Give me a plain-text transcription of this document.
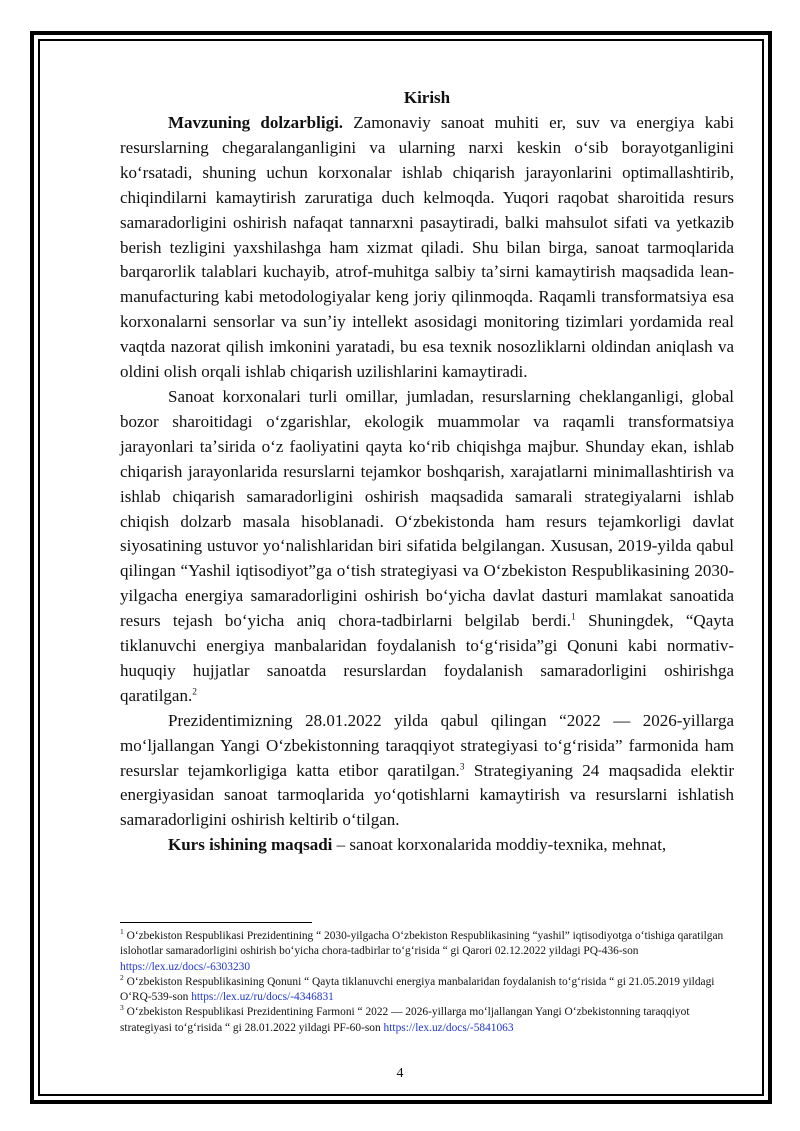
Kirish

Mavzuning dolzarbligi. Zamonaviy sanoat muhiti er, suv va energiya kabi resurslarning chegaralanganligini va ularning narxi keskin oʻsib borayotganligini koʻrsatadi, shuning uchun korxonalar ishlab chiqarish jarayonlarini optimallashtirib, chiqindilarni kamaytirish zaruratiga duch kelmoqda. Yuqori raqobat sharoitida resurs samaradorligini oshirish nafaqat tannarxni pasaytiradi, balki mahsulot sifati va yetkazib berish tezligini yaxshilashga ham xizmat qiladi. Shu bilan birga, sanoat tarmoqlarida barqarorlik talablari kuchayib, atrof-muhitga salbiy taʼsirni kamaytirish maqsadida lean-manufacturing kabi metodologiyalar keng joriy qilinmoqda. Raqamli transformatsiya esa korxonalarni sensorlar va sunʼiy intellekt asosidagi monitoring tizimlari yordamida real vaqtda nazorat qilish imkonini yaratadi, bu esa texnik nosozliklarni oldindan aniqlash va oldini olish orqali ishlab chiqarish uzilishlarini kamaytiradi.

Sanoat korxonalari turli omillar, jumladan, resurslarning cheklanganligi, global bozor sharoitidagi oʻzgarishlar, ekologik muammolar va raqamli transformatsiya jarayonlari taʼsirida oʻz faoliyatini qayta koʻrib chiqishga majbur. Shunday ekan, ishlab chiqarish jarayonlarida resurslarni tejamkor boshqarish, xarajatlarni minimallashtirish va ishlab chiqarish samaradorligini oshirish maqsadida samarali strategiyalarni ishlab chiqish dolzarb masala hisoblanadi. Oʻzbekistonda ham resurs tejamkorligi davlat siyosatining ustuvor yoʻnalishlaridan biri sifatida belgilangan. Xususan, 2019-yilda qabul qilingan “Yashil iqtisodiyot”ga oʻtish strategiyasi va Oʻzbekiston Respublikasining 2030-yilgacha energiya samaradorligini oshirish boʻyicha davlat dasturi mamlakat sanoatida resurs tejash boʻyicha aniq chora-tadbirlarni belgilab berdi.$^1$ Shuningdek, “Qayta tiklanuvchi energiya manbalaridan foydalanish toʻgʻrisida”gi Qonuni kabi normativ-huquqiy hujjatlar sanoatda resurslardan foydalanish samaradorligini oshirishga qaratilgan.$^2$

Prezidentimizning 28.01.2022 yilda qabul qilingan “2022 — 2026-yillarga moʻljallangan Yangi Oʻzbekistonning taraqqiyot strategiyasi toʻgʻrisida” farmonida ham resurslar tejamkorligiga katta etibor qaratilgan.$^3$ Strategiyaning 24 maqsadida elektir energiyasidan sanoat tarmoqlarida yoʻqotishlarni kamaytirish va resurslarni ishlatish samaradorligini oshirish keltirib oʻtilgan.

Kurs ishining maqsadi – sanoat korxonalarida moddiy-texnika, mehnat,

$^1$ Oʻzbekiston Respublikasi Prezidentining “ 2030-yilgacha Oʻzbekiston Respublikasining “yashil” iqtisodiyotga oʻtishiga qaratilgan islohotlar samaradorligini oshirish boʻyicha chora-tadbirlar toʻgʻrisida “ gi Qarori 02.12.2022 yildagi PQ-436-son https://lex.uz/docs/-6303230

$^2$ Oʻzbekiston Respublikasining Qonuni “ Qayta tiklanuvchi energiya manbalaridan foydalanish toʻgʻrisida “ gi 21.05.2019 yildagi OʻRQ-539-son https://lex.uz/ru/docs/-4346831

$^3$ Oʻzbekiston Respublikasi Prezidentining Farmoni “ 2022 — 2026-yillarga moʻljallangan Yangi Oʻzbekistonning taraqqiyot strategiyasi toʻgʻrisida “ gi 28.01.2022 yildagi PF-60-son https://lex.uz/docs/-5841063

4
